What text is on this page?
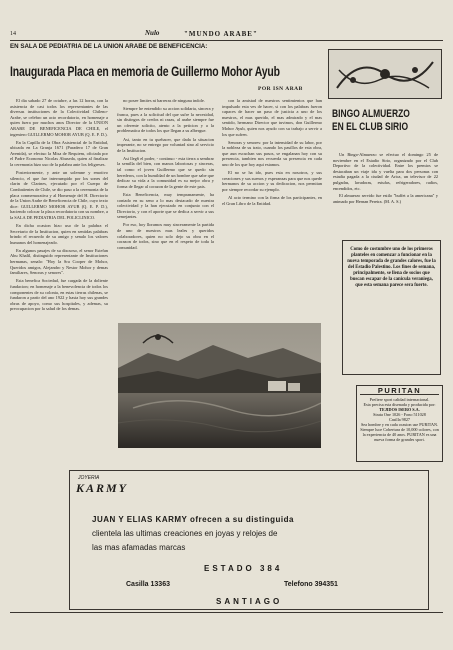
14	Nulo	"MUNDO ARABE"
EN SALA DE PEDIATRIA DE LA UNION ARABE DE BENEFICENCIA:
Inaugurada Placa en memoria de Guillermo Mohor Ayub
POR ISN ARAB

El dia sabado 27 de octubre, a las 12 horas, con la asistencia de casi todos los representantes de las diversas instituciones de la Colectividad Chileno-Arabe, se celebro un acto recordatorio, en homenaje a quien fuera por muchos anos Director de la UNION ARABE DE BENEFICENCIA DE CHILE, el ingeniero GUILLERMO MOHOR AYUB (Q. E. P. D.).

En la Capilla de la Obra Asistencial de la Entidad, ubicada en La Granja 1671 (Paradero 17 de Gran Avenida), se efectuo la Misa de Requiem, oficiada por el Padre Economo Nicolas Abuseda, quien al finalizar la ceremonia hizo uso de la palabra ante los feligreses.

Posteriormente, y ante un solemne y emotivo silencio, el que fue interrumpido por los sones del clarin de Clarines, ejecutado por el Cuerpo de Combatientes de Chile, se dio paso a la ceremonia de la placa conmemorativa y al Homenaje del H. Directorio de la Union Arabe de Beneficencia de Chile, cuyo texto dice: GUILLERMO MOHOR AYUB (Q. E. P. D.), haciendo colocar la placa recordatoria con su nombre, a la SALA DE PEDIATRIA DEL POLICLINICO.

En dicha ocasion hizo uso de la palabra el Secretario de la Institucion, quien en sentidas palabras brindo el recuerdo de su amigo y senalo los valores humanos del homenajeado.

En algunos pasajes de su discurso, el senor Estefan Abu Khalil, distinguido representante de Instituciones hermanas, senalo: "Hoy la Sra Cooper de Mohor, Queridos amigos, Alejandro y Nestor Mohor y demas familiares, Senoras y senores".

Esta benefica Sociedad, fue cargada de la doliente fundacion; en homenaje a la benevolencia de todos los componentes de su colonia, en estas tierras chilenas, se fundaron a partir del ano 1922 y hasta hoy sus grandes obras de apoyo, como sus hospitales, y ademas, su preocupacion por la salud de los demas.

no posee limites ni barreras de ninguna indole.

Siempre he entendido su accion solidaria, sincera y franca, pues a la solicitud del que sufre la necesidad, sin distingos de credos ni razas, al arabe siempre fue un oferente solicito, atento a la peticion y a la problematica de todos los que llegan a su albergue.

Asi, tanto en tu quehacer, que dada la situacion imperante, no se entrego por voluntad sino al servicio de la Institucion.

Asi lleg6 el poder, - continuo - esta tierra a sembrar la semilla del bien, con manos laboriosas y sinceras, tal como el joven Guillermo que se quedo sin herederos, con la humildad de un hombre que sabe que dedicar su vida a la comunidad es su mejor obra y forma de llegar al corazon de la gente de este pais.

Esta Beneficencia, muy tempranamente, ha contado en su seno a lo mas destacado de nuestra colectividad y la han ejecutado en conjunto con el Directorio, y con el aporte que se dedica a servir a sus semejantes.

Por eso, hoy lloramos muy sinceramente la partida de uno de nuestros mas leales y queridos colaboradores, quien no solo dejo su obra en el corazon de todos, sino que en el respeto de toda la comunidad.

con la amistad de nuestros sentimientos que han impulsado esta ves de hacer, si con los palabras fueron capaces de hacer un paso de justicia a uno de los nuestros, el mas querido, el mas admirado y el mas sentido, hermano Director que tuvimos, don Guillermo Mohor Ayub, quien nos ayudo con su trabajo a servir a los que sufren.

Senoras y senores: por la intensidad de su labor, por la nobleza de su trato, cuando los pasillos de esta obra, que aun escuchan sus pasos, se engalanan hoy con su presencia, tambien nos recuerda su presencia en cada uno de los que hoy aqui estamos.

El no se ha ido, pues esta en nosotros, y sus creaciones y sus suenos y esperanzas para que nos quede hermanos de su accion y su dedicacion, nos permitan por siempre recordar su ejemplo.

Al acto termino con la firma de los participantes, en el Gran Libro de la Entidad.

BINGO ALMUERZO EN EL CLUB SIRIO

Un Bingo-Almuerzo se efectuo el domingo 25 de noviembre en el Estadio Sirio, organizado por el Club Deportivo de la colectividad. Entre los premios se destacaban un viaje ida y vuelta para dos personas con estadia pagada a la ciudad de Arica, un televisor de 22 pulgadas, lavadoras, estufas, refrigeradores, radios, encendidos, etc.

El almuerzo servido fue estilo "buffet a la americana" y animado por Hernan Pereira. (M. A. S.)

Como de costumbre uno de los primeros planteles en comenzar a funcionar en la nueva temporada de grandes calores, fue la del Estadio Palestino. Los fines de semana, principalmente, se llena de socios que buscan escapar de la canicula veraniega, que esta semana parece sera fuerte.
PURITAN
Prefiere sport calidad internacional.
Esta precisa esta disenada y producida por:
TEJIDOS ISERO S.A.
Strata One 1026 - Fono 511028
Casilla 9827
Sea hombre y en cada ocasion use PURITAN. Siempre luce Cobertura de 10,000 colores, con la experiencia de 40 anos. PURITAN es una nueva forma de grandes sport.
JOYERIA
KARMY
JUAN Y ELIAS KARMY ofrecen a su distinguida
clientela las ultimas creaciones en joyas y relojes de
las mas afamadas marcas
ESTADO 384
Casilla 13363	Telefono 394351
SANTIAGO
